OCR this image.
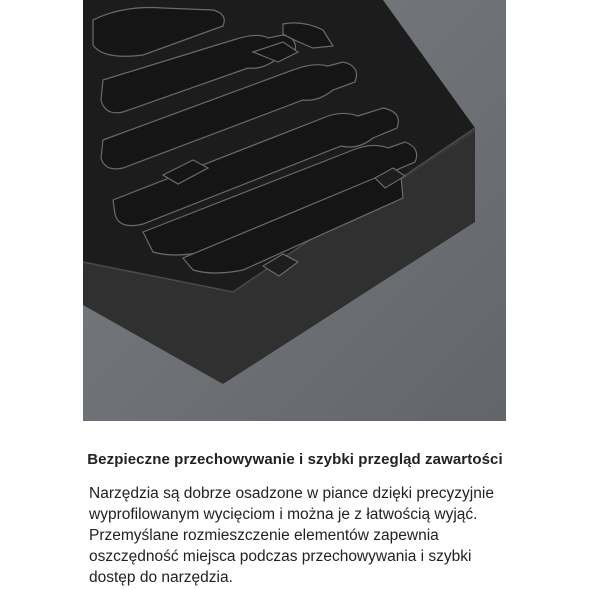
Bezpieczne przechowywanie i szybki przegląd zawartości

Narzędzia są dobrze osadzone w piance dzięki precyzyjnie
wyprofilowanym wycięciom i można je z łatwością wyjąć.
Przemyślane rozmieszczenie elementów zapewnia
oszczędność miejsca podczas przechowywania i szybki
dostęp do narzędzia.
